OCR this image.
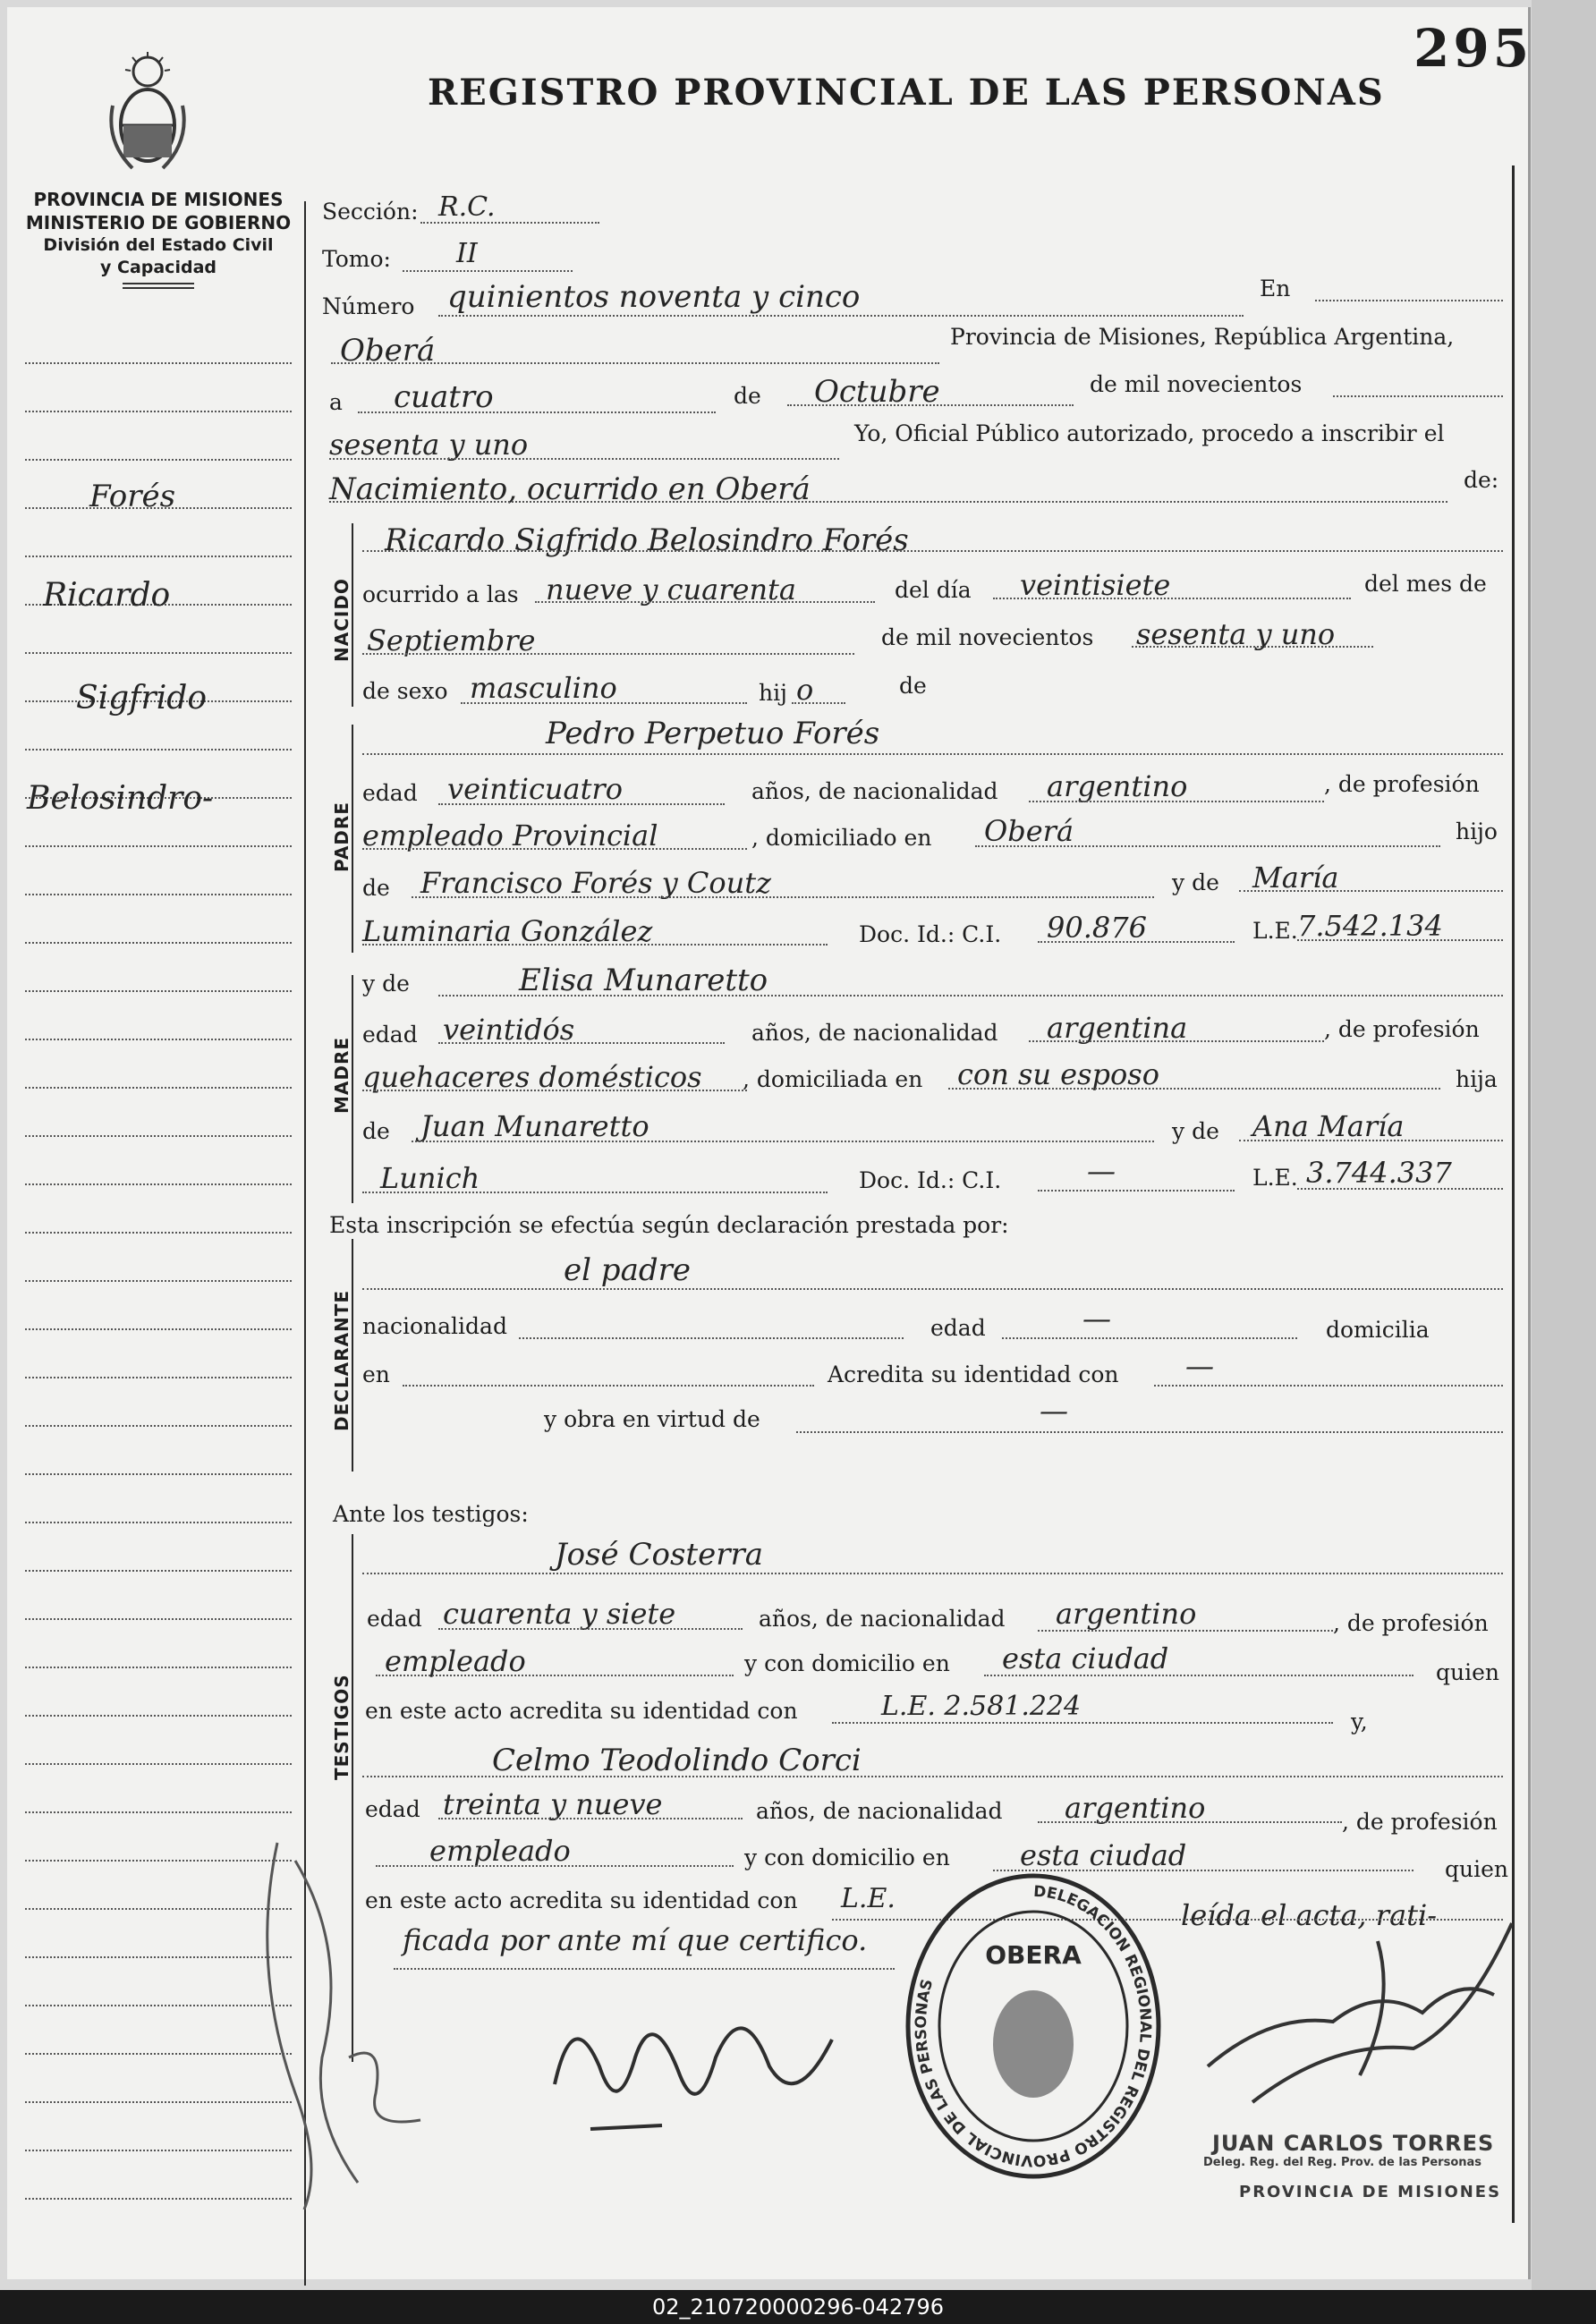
295
REGISTRO PROVINCIAL DE LAS PERSONAS
PROVINCIA DE MISIONES
MINISTERIO DE GOBIERNO
División del Estado Civil
y Capacidad
Forés
Ricardo
Sigfrido
Belosindro-
Sección: R.C.
Tomo: II
Número quinientos noventa y cinco	En
Oberá	Provincia de Misiones, República Argentina,
a cuatro	de Octubre	de mil novecientos
sesenta y uno	Yo, Oficial Público autorizado, procedo a inscribir el
Nacimiento, ocurrido en Oberá	de:
NACIDO
Ricardo Sigfrido Belosindro Forés
ocurrido a las nueve y cuarenta	del día veintisiete	del mes de
Septiembre	de mil novecientos sesenta y uno
de sexo masculino	hij o	de
PADRE
Pedro Perpetuo Forés
edad veinticuatro	años, de nacionalidad argentino	, de profesión
empleado Provincial	, domiciliado en Oberá	hijo
de Francisco Forés y Coutz	y de María
Luminaria González	Doc. Id.: C.I. 90.876	L.E. 7.542.134
MADRE
y de	Elisa Munaretto
edad veintidós	años, de nacionalidad argentina	, de profesión
quehaceres domésticos , domiciliada en con su esposo	hija
de Juan Munaretto	y de Ana María
Lunich	Doc. Id.: C.I.	—	L.E. 3.744.337
Esta inscripción se efectúa según declaración prestada por:
DECLARANTE
el padre
nacionalidad	edad	—	domicilia
en	Acredita su identidad con —
y obra en virtud de	—
Ante los testigos:
TESTIGOS
José Costerra
edad cuarenta y siete	años, de nacionalidad argentino	, de profesión
empleado	y con domicilio en esta ciudad	quien
en este acto acredita su identidad con	L.E. 2.581.224	y,
Celmo Teodolindo Corci
edad treinta y nueve	años, de nacionalidad argentino	, de profesión
empleado	y con domicilio en esta ciudad	quien
en este acto acredita su identidad con L.E.	leída el acta, rati-
ficada por ante mí que certifico.
DELEGACION REGIONAL DEL REGISTRO PROVINCIAL DE LAS PERSONAS
OBERA
JUAN CARLOS TORRES
Deleg. Reg. del Reg. Prov. de las Personas
PROVINCIA DE MISIONES
02_210720000296-042796
